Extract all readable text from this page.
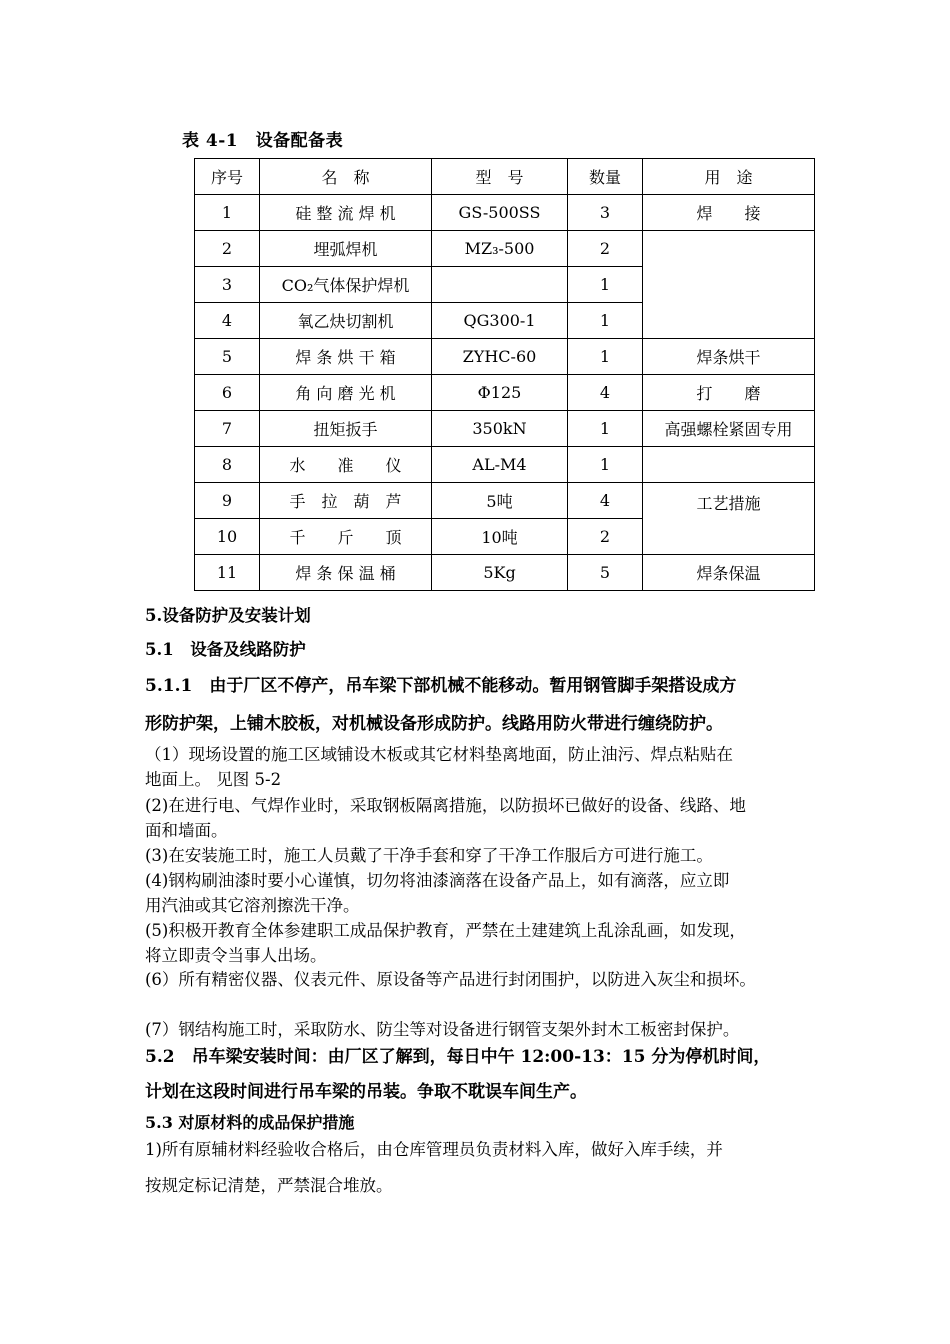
表 4-1　设备配备表
序号	名　称	型　号	数量	用　途
1	硅 整 流 焊 机	GS-500SS	3	焊　　接
2	埋弧焊机	MZ₃-500	2	
3	CO₂气体保护焊机		1	
4	氧乙炔切割机	QG300-1	1	
5	焊 条 烘 干 箱	ZYHC-60	1	焊条烘干
6	角 向 磨 光 机	Φ125	4	打　　磨
7	扭矩扳手	350kN	1	高强螺栓紧固专用
8	水　　准　　仪	AL-M4	1	
9	手　拉　葫　芦	5吨	4	工艺措施
10	千　　斤　　顶	10吨	2	
11	焊 条 保 温 桶	5Kg	5	焊条保温
5.设备防护及安装计划
5.1　设备及线路防护
5.1.1　由于厂区不停产，吊车梁下部机械不能移动。暂用钢管脚手架搭设成方
形防护架，上铺木胶板，对机械设备形成防护。线路用防火带进行缠绕防护。
（1）现场设置的施工区域铺设木板或其它材料垫离地面，防止油污、焊点粘贴在
地面上。 见图 5-2
(2)在进行电、气焊作业时，采取钢板隔离措施，以防损坏已做好的设备、线路、地
面和墙面。
(3)在安装施工时，施工人员戴了干净手套和穿了干净工作服后方可进行施工。
(4)钢构刷油漆时要小心谨慎，切勿将油漆滴落在设备产品上，如有滴落，应立即
用汽油或其它溶剂擦洗干净。
(5)积极开教育全体参建职工成品保护教育，严禁在土建建筑上乱涂乱画，如发现，
将立即责令当事人出场。
(6）所有精密仪器、仪表元件、原设备等产品进行封闭围护，以防进入灰尘和损坏。
(7）钢结构施工时，采取防水、防尘等对设备进行钢管支架外封木工板密封保护。
5.2　吊车梁安装时间：由厂区了解到，每日中午 12:00-13：15 分为停机时间，
计划在这段时间进行吊车梁的吊装。争取不耽误车间生产。
5.3 对原材料的成品保护措施
1)所有原辅材料经验收合格后，由仓库管理员负责材料入库，做好入库手续，并
按规定标记清楚，严禁混合堆放。
